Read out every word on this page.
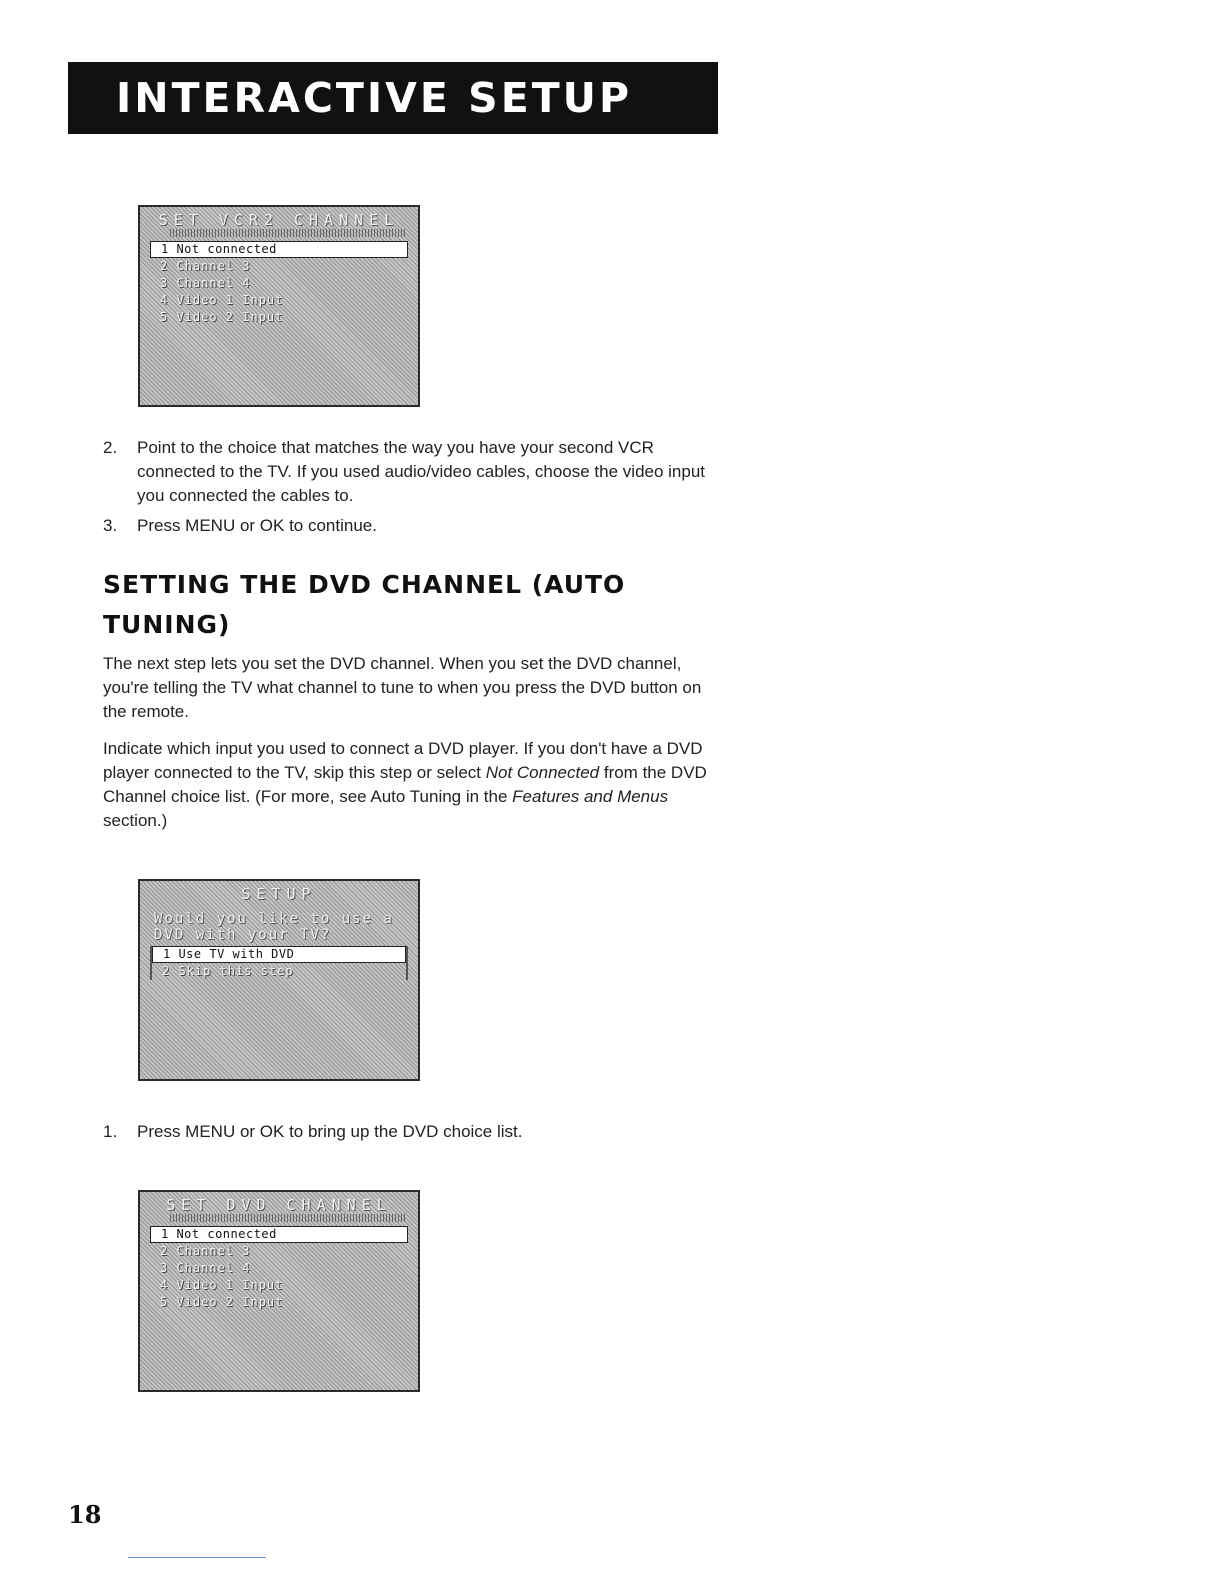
INTERACTIVE SETUP
SET VCR2 CHANNEL
1 Not connected
2 Channel 3
3 Channel 4
4 Video 1 Input
5 Video 2 Input
2. Point to the choice that matches the way you have your second VCR connected to the TV. If you used audio/video cables, choose the video input you connected the cables to.
3. Press MENU or OK to continue.
SETTING THE DVD CHANNEL (AUTO TUNING)
The next step lets you set the DVD channel. When you set the DVD channel, you're telling the TV what channel to tune to when you press the DVD button on the remote.
Indicate which input you used to connect a DVD player. If you don't have a DVD player connected to the TV, skip this step or select Not Connected from the DVD Channel choice list. (For more, see Auto Tuning in the Features and Menus section.)
SETUP
Would you like to use a DVD with your TV?
1 Use TV with DVD
2 Skip this step
1. Press MENU or OK to bring up the DVD choice list.
SET DVD CHANNEL
1 Not connected
2 Channel 3
3 Channel 4
4 Video 1 Input
5 Video 2 Input
18
